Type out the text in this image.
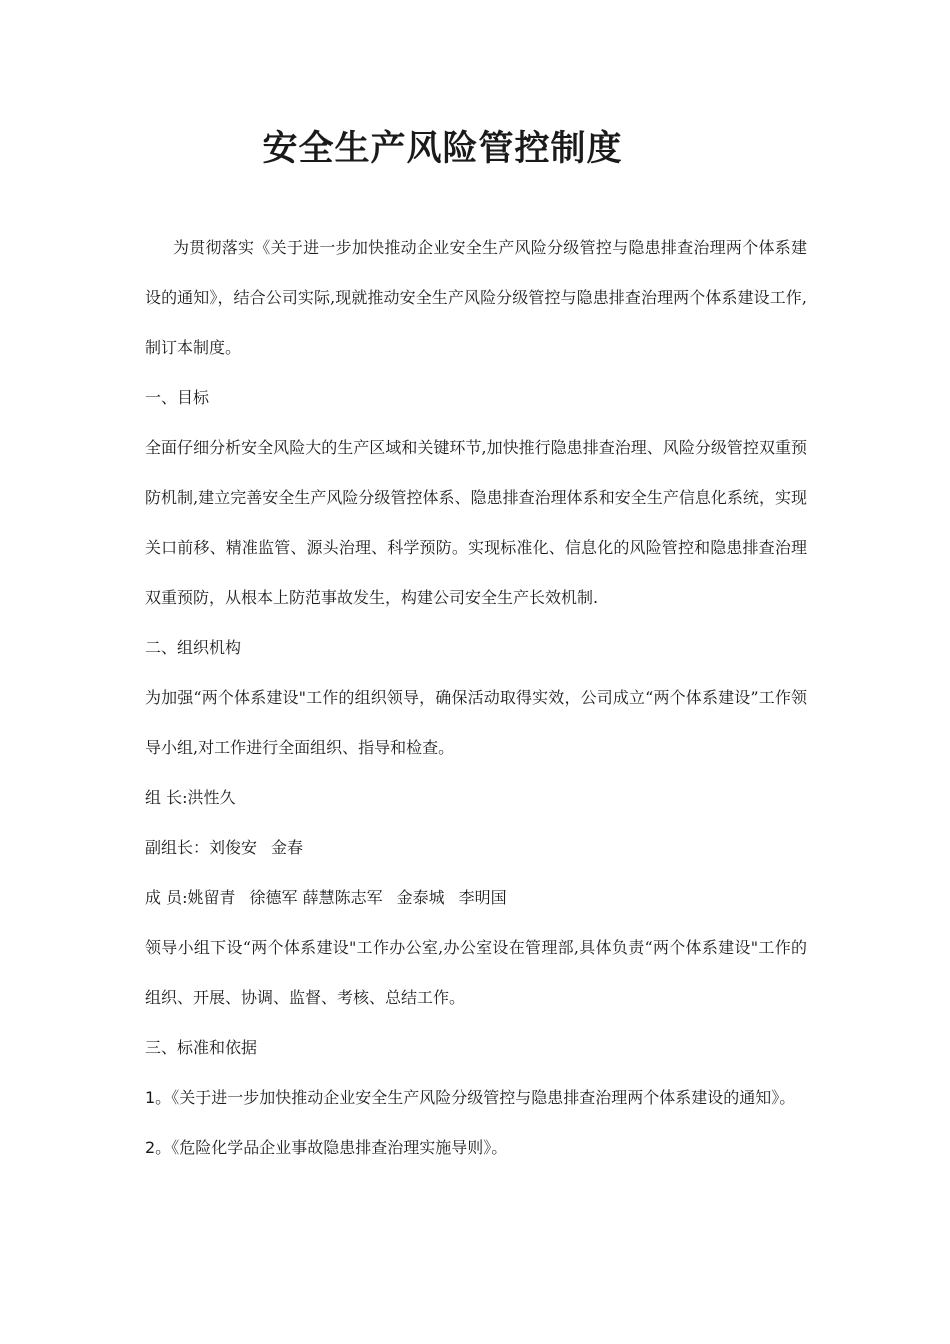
安全生产风险管控制度

为贯彻落实《关于进一步加快推动企业安全生产风险分级管控与隐患排查治理两个体系建设的通知》，结合公司实际,现就推动安全生产风险分级管控与隐患排查治理两个体系建设工作,制订本制度。

一、目标

全面仔细分析安全风险大的生产区域和关键环节,加快推行隐患排查治理、风险分级管控双重预防机制,建立完善安全生产风险分级管控体系、隐患排查治理体系和安全生产信息化系统，实现关口前移、精准监管、源头治理、科学预防。实现标准化、信息化的风险管控和隐患排查治理双重预防，从根本上防范事故发生，构建公司安全生产长效机制.

二、组织机构

为加强“两个体系建设"工作的组织领导，确保活动取得实效，公司成立“两个体系建设”工作领导小组,对工作进行全面组织、指导和检查。

组 长:洪性久

副组长：刘俊安 金春

成 员:姚留青 徐德军 薛慧陈志军 金泰城 李明国

领导小组下设“两个体系建设"工作办公室,办公室设在管理部,具体负责“两个体系建设"工作的组织、开展、协调、监督、考核、总结工作。

三、标准和依据

1。《关于进一步加快推动企业安全生产风险分级管控与隐患排查治理两个体系建设的通知》。

2。《危险化学品企业事故隐患排查治理实施导则》。
